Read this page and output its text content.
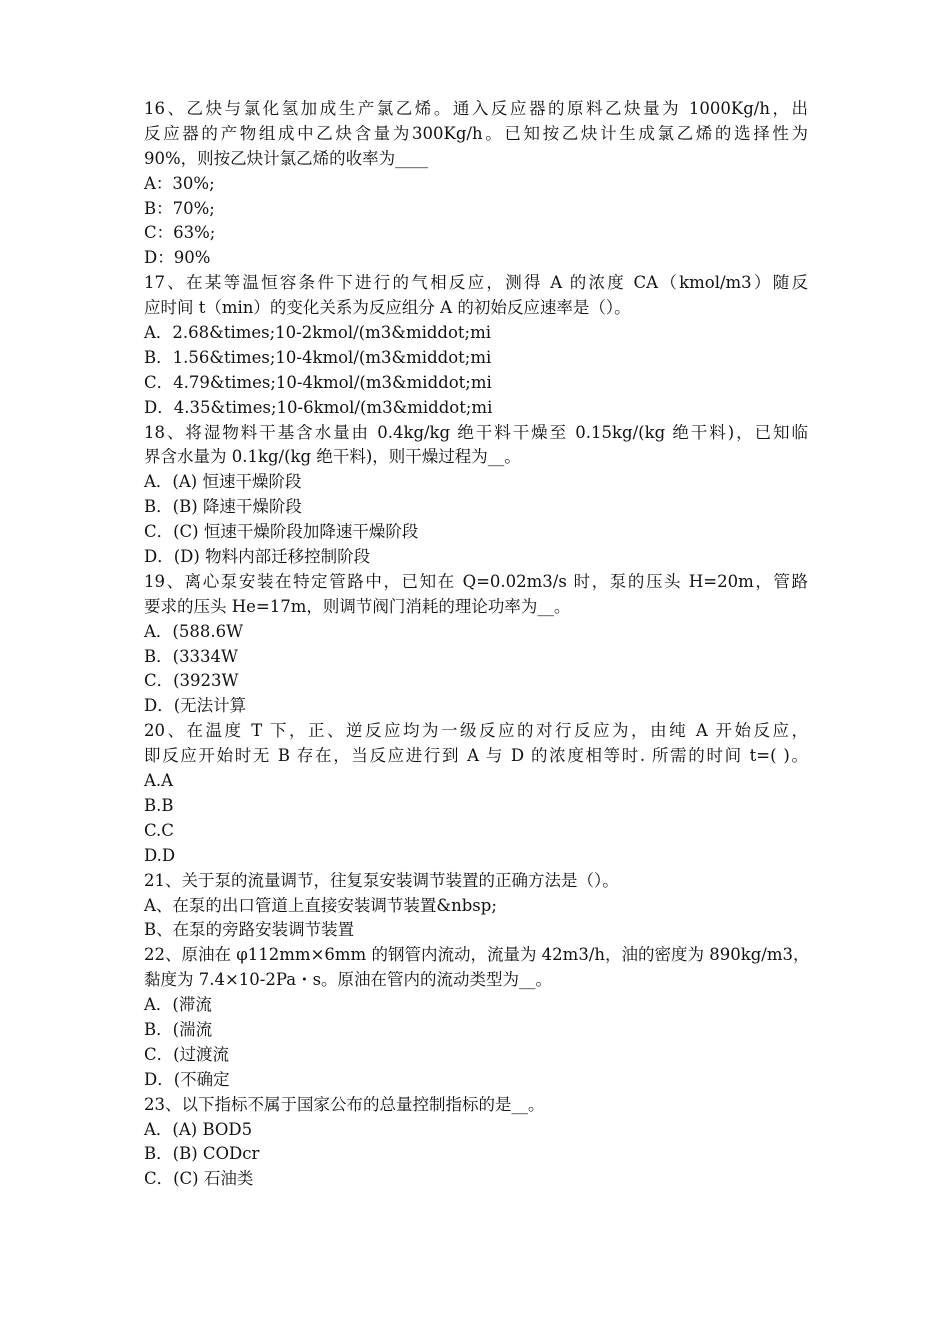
16、乙炔与氯化氢加成生产氯乙烯。通入反应器的原料乙炔量为 1000Kg/h，出
反应器的产物组成中乙炔含量为300Kg/h。已知按乙炔计生成氯乙烯的选择性为
90%，则按乙炔计氯乙烯的收率为____
A：30%;
B：70%;
C：63%;
D：90%
17、在某等温恒容条件下进行的气相反应，测得 A 的浓度 CA（kmol/m3）随反
应时间 t（min）的变化关系为反应组分 A 的初始反应速率是（）。
A．2.68&times;10-2kmol/(m3&middot;mi
B．1.56&times;10-4kmol/(m3&middot;mi
C．4.79&times;10-4kmol/(m3&middot;mi
D．4.35&times;10-6kmol/(m3&middot;mi
18、将湿物料干基含水量由 0.4kg/kg 绝干料干燥至 0.15kg/(kg 绝干料)，已知临
界含水量为 0.1kg/(kg 绝干料)，则干燥过程为__。
A．(A) 恒速干燥阶段
B．(B) 降速干燥阶段
C．(C) 恒速干燥阶段加降速干燥阶段
D．(D) 物料内部迁移控制阶段
19、离心泵安装在特定管路中，已知在 Q=0.02m3/s 时，泵的压头 H=20m，管路
要求的压头 He=17m，则调节阀门消耗的理论功率为__。
A．(588.6W
B．(3334W
C．(3923W
D．(无法计算
20、在温度 T 下，正、逆反应均为一级反应的对行反应为，由纯 A 开始反应，
即反应开始时无 B 存在，当反应进行到 A 与 D 的浓度相等时. 所需的时间 t=( )。
A.A
B.B
C.C
D.D
21、关于泵的流量调节，往复泵安装调节装置的正确方法是（）。
A、在泵的出口管道上直接安装调节装置&nbsp;
B、在泵的旁路安装调节装置
22、原油在 φ112mm×6mm 的钢管内流动，流量为 42m3/h，油的密度为 890kg/m3，
黏度为 7.4×10-2Pa・s。原油在管内的流动类型为__。
A．(滞流
B．(湍流
C．(过渡流
D．(不确定
23、以下指标不属于国家公布的总量控制指标的是__。
A．(A) BOD5
B．(B) CODcr
C．(C) 石油类
